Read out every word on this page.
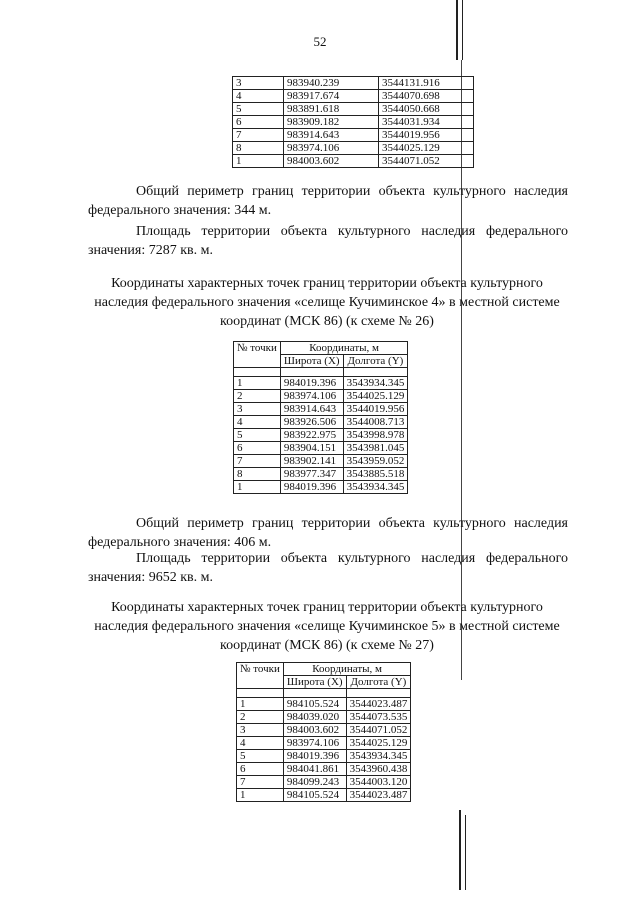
52
3	983940.239	3544131.916
4	983917.674	3544070.698
5	983891.618	3544050.668
6	983909.182	3544031.934
7	983914.643	3544019.956
8	983974.106	3544025.129
1	984003.602	3544071.052

Общий периметр границ территории объекта культурного наследия федерального значения: 344 м.

Площадь территории объекта культурного наследия федерального значения: 7287 кв. м.

Координаты характерных точек границ территории объекта культурного наследия федерального значения «селище Кучиминское 4» в местной системе координат (МСК 86) (к схеме № 26)

№ точки	Координаты, м	
	Широта (X)	Долгота (Y)

1	984019.396	3543934.345
2	983974.106	3544025.129
3	983914.643	3544019.956
4	983926.506	3544008.713
5	983922.975	3543998.978
6	983904.151	3543981.045
7	983902.141	3543959.052
8	983977.347	3543885.518
1	984019.396	3543934.345

Общий периметр границ территории объекта культурного наследия федерального значения: 406 м.

Площадь территории объекта культурного наследия федерального значения: 9652 кв. м.

Координаты характерных точек границ территории объекта культурного наследия федерального значения «селище Кучиминское 5» в местной системе координат (МСК 86) (к схеме № 27)

№ точки	Координаты, м	
	Широта (X)	Долгота (Y)

1	984105.524	3544023.487
2	984039.020	3544073.535
3	984003.602	3544071.052
4	983974.106	3544025.129
5	984019.396	3543934.345
6	984041.861	3543960.438
7	984099.243	3544003.120
1	984105.524	3544023.487
